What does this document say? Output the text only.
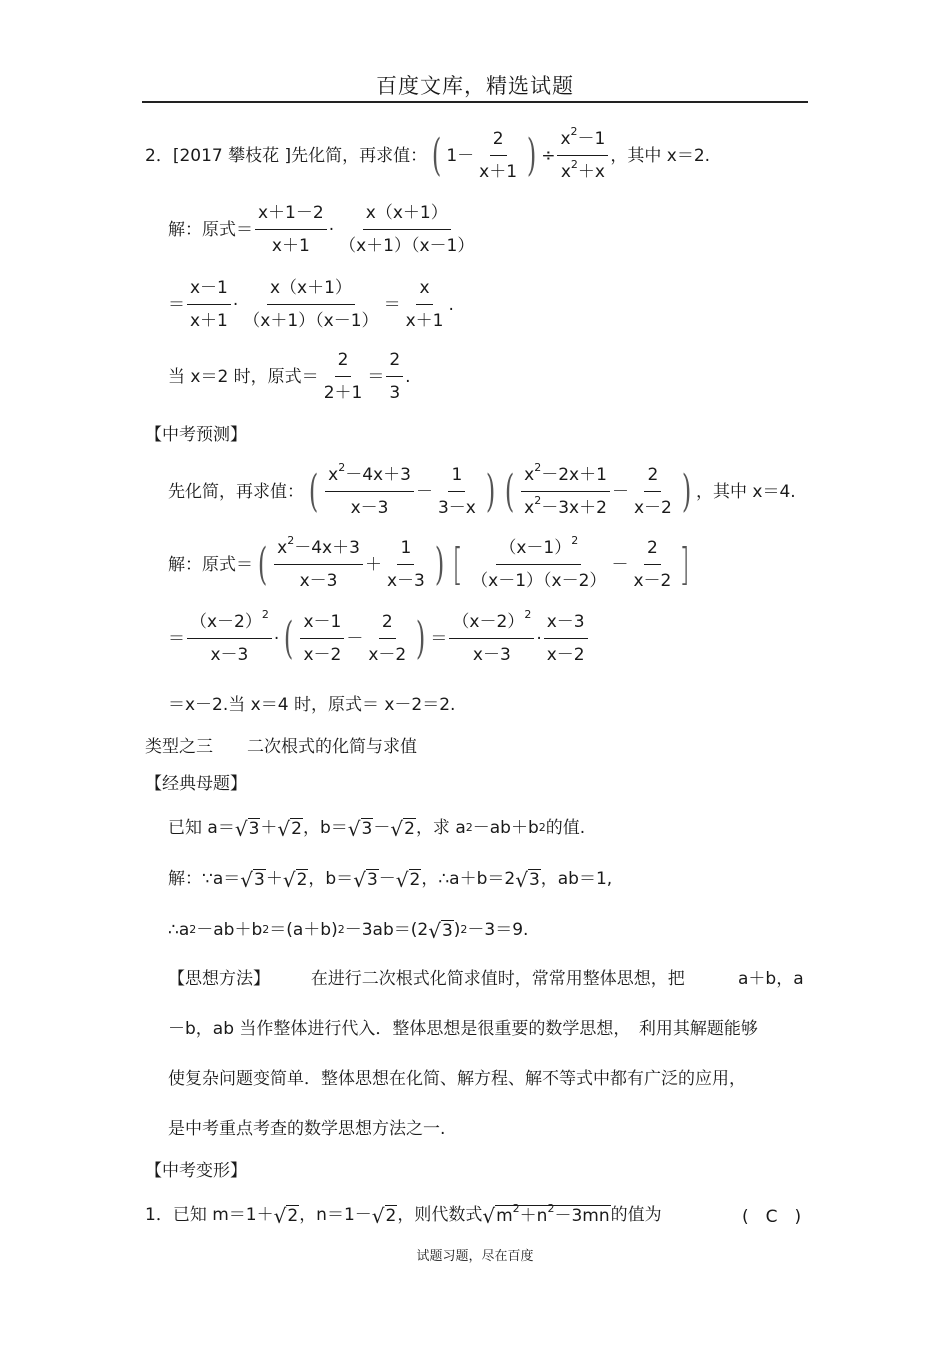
百度文库，精选试题
2．[2017 攀枝花 ]先化简，再求值： ( $1- \frac{2}{x+1}$ ) ÷ $\frac{x^2-1}{x^2+x}$ ，其中 x＝2.
解：原式＝ $\frac{x+1-2}{x+1} \cdot \frac{x(x+1)}{(x+1)(x-1)}$
＝ $\frac{x-1}{x+1} \cdot \frac{x(x+1)}{(x+1)(x-1)} = \frac{x}{x+1}$ .
当 x＝2 时，原式＝ $\frac{2}{2+1} = \frac{2}{3}$ .
【中考预测】
先化简，再求值： ( $\frac{x^2-4x+3}{x-3} - \frac{1}{3-x}$ ) ( $\frac{x^2-2x+1}{x^2-3x+2} - \frac{2}{x-2}$ ) ，其中 x＝4.
解：原式＝ ( $\frac{x^2-4x+3}{x-3} + \frac{1}{x-3}$ ) [ $\frac{(x-1)^2}{(x-1)(x-2)} - \frac{2}{x-2}$ ]
＝ $\frac{(x-2)^2}{x-3}$ · ( $\frac{x-1}{x-2} - \frac{2}{x-2}$ ) ＝ $\frac{(x-2)^2}{x-3} \cdot \frac{x-3}{x-2}$
＝x－2.当 x＝4 时，原式＝ x－2＝2.
类型之三　　二次根式的化简与求值
【经典母题】
已知 a＝ √ 3 ＋ √ 2 ，b＝ √ 3 － √ 2 ，求 a 2 －ab＋b 2 的值.
解：∵a＝ √ 3 ＋ √ 2 ，b＝ √ 3 － √ 2 ，∴a＋b＝2 √ 3 ，ab＝1,
∴a 2 －ab＋b 2 ＝(a＋b) 2 －3ab＝(2 √ 3 ) 2 －3＝9.
【思想方法】 在进行二次根式化简求值时，常常用整体思想，把	a＋b，a
－b，ab 当作整体进行代入．整体思想是很重要的数学思想，　利用其解题能够
使复杂问题变简单．整体思想在化简、解方程、解不等式中都有广泛的应用，
是中考重点考查的数学思想方法之一.
【中考变形】
1．已知 m＝1＋ √ 2 ，n＝1－ √ 2 ，则代数式 √ $m^2+n^2-3mn$ 的值为	(　C　)
试题习题，尽在百度
